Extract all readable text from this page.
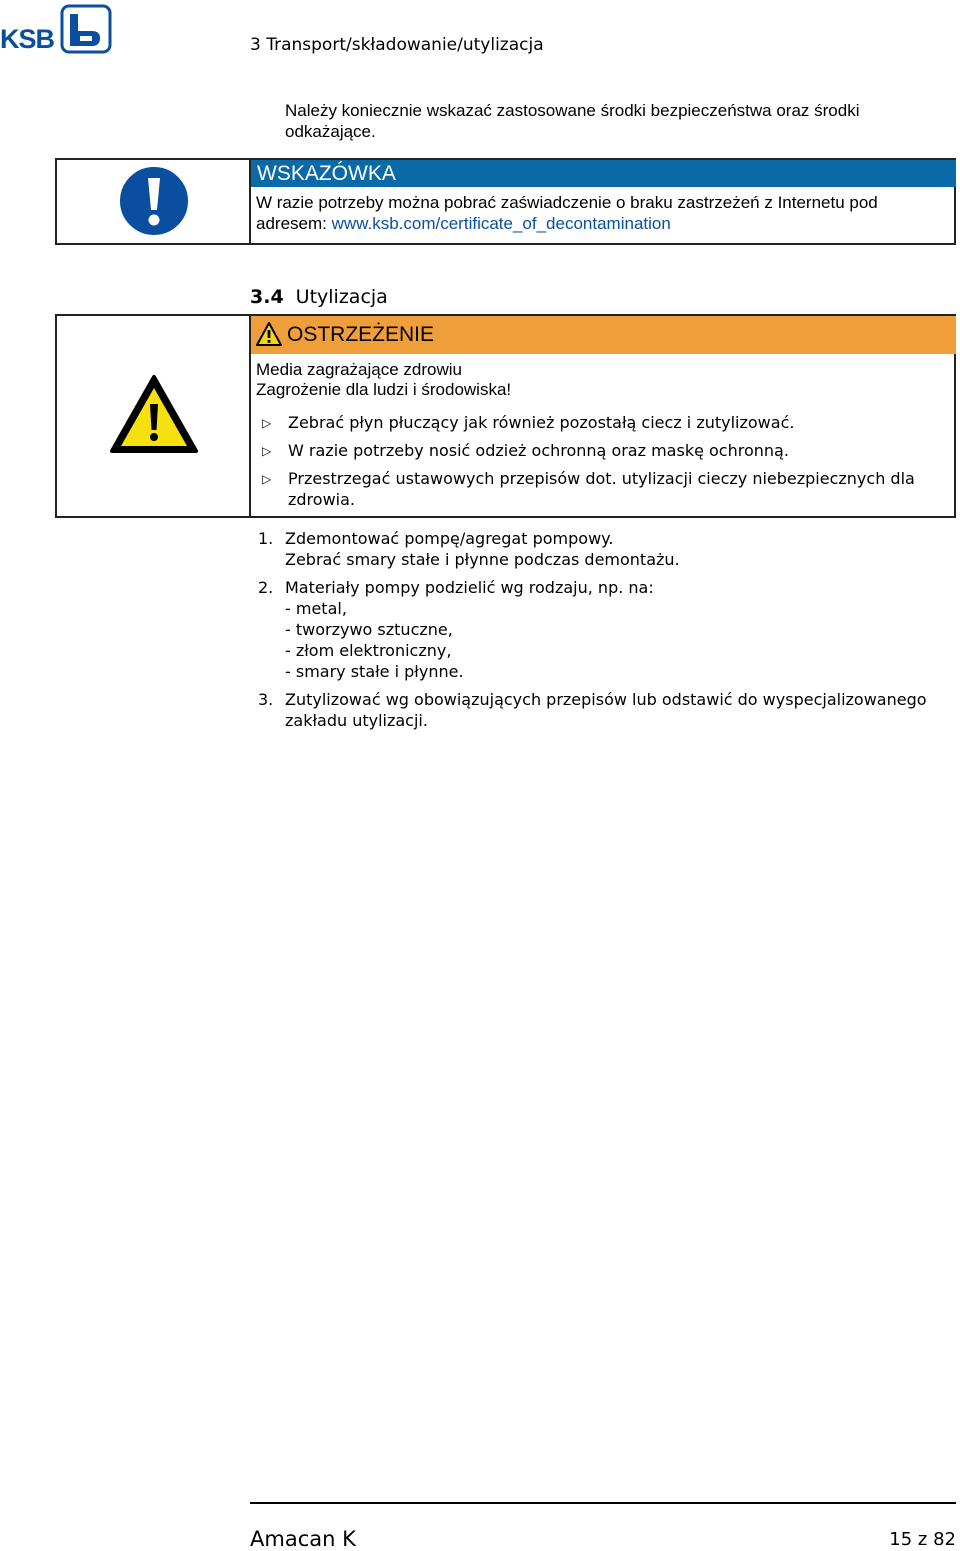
KSB	3 Transport/składowanie/utylizacja
Należy koniecznie wskazać zastosowane środki bezpieczeństwa oraz środki odkażające.
WSKAZÓWKA
W razie potrzeby można pobrać zaświadczenie o braku zastrzeżeń z Internetu pod adresem: www.ksb.com/certificate_of_decontamination
3.4 Utylizacja
OSTRZEŻENIE
Media zagrażające zdrowiu
Zagrożenie dla ludzi i środowiska!
▷ Zebrać płyn płuczący jak również pozostałą ciecz i zutylizować.
▷ W razie potrzeby nosić odzież ochronną oraz maskę ochronną.
▷ Przestrzegać ustawowych przepisów dot. utylizacji cieczy niebezpiecznych dla zdrowia.
1. Zdemontować pompę/agregat pompowy.
Zebrać smary stałe i płynne podczas demontażu.
2. Materiały pompy podzielić wg rodzaju, np. na:
- metal,
- tworzywo sztuczne,
- złom elektroniczny,
- smary stałe i płynne.
3. Zutylizować wg obowiązujących przepisów lub odstawić do wyspecjalizowanego zakładu utylizacji.
Amacan K	15 z 82
